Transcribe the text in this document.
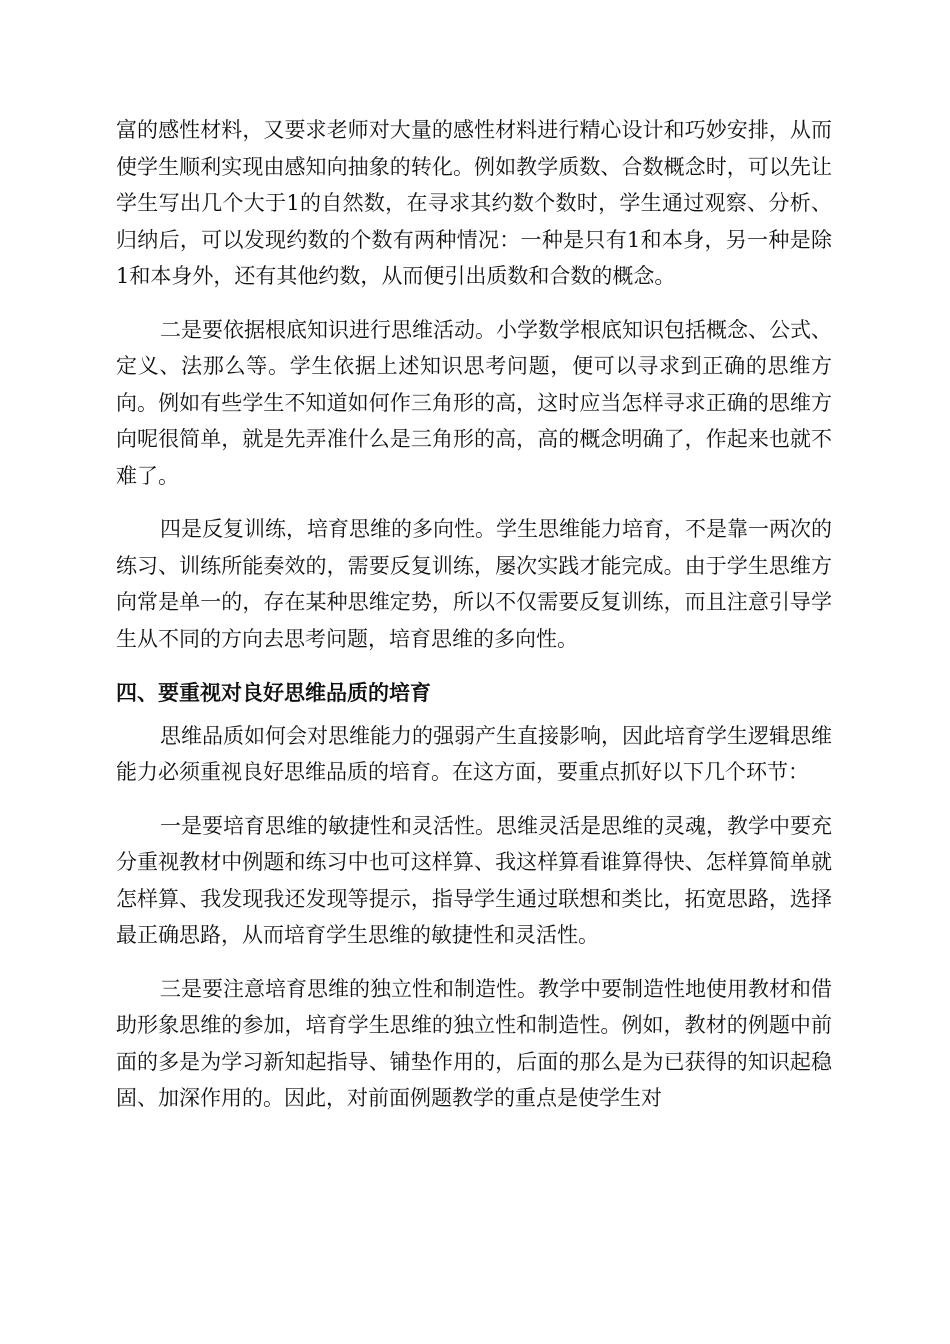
富的感性材料，又要求老师对大量的感性材料进行精心设计和巧妙安排，从而使学生顺利实现由感知向抽象的转化。例如教学质数、合数概念时，可以先让学生写出几个大于1的自然数，在寻求其约数个数时，学生通过观察、分析、归纳后，可以发现约数的个数有两种情况：一种是只有1和本身，另一种是除1和本身外，还有其他约数，从而便引出质数和合数的概念。

二是要依据根底知识进行思维活动。小学数学根底知识包括概念、公式、定义、法那么等。学生依据上述知识思考问题，便可以寻求到正确的思维方向。例如有些学生不知道如何作三角形的高，这时应当怎样寻求正确的思维方向呢很简单，就是先弄准什么是三角形的高，高的概念明确了，作起来也就不难了。

四是反复训练，培育思维的多向性。学生思维能力培育，不是靠一两次的练习、训练所能奏效的，需要反复训练，屡次实践才能完成。由于学生思维方向常是单一的，存在某种思维定势，所以不仅需要反复训练，而且注意引导学生从不同的方向去思考问题，培育思维的多向性。

四、要重视对良好思维品质的培育

思维品质如何会对思维能力的强弱产生直接影响，因此培育学生逻辑思维能力必须重视良好思维品质的培育。在这方面，要重点抓好以下几个环节：

一是要培育思维的敏捷性和灵活性。思维灵活是思维的灵魂，教学中要充分重视教材中例题和练习中也可这样算、我这样算看谁算得快、怎样算简单就怎样算、我发现我还发现等提示，指导学生通过联想和类比，拓宽思路，选择最正确思路，从而培育学生思维的敏捷性和灵活性。

三是要注意培育思维的独立性和制造性。教学中要制造性地使用教材和借助形象思维的参加，培育学生思维的独立性和制造性。例如，教材的例题中前面的多是为学习新知起指导、铺垫作用的，后面的那么是为已获得的知识起稳固、加深作用的。因此，对前面例题教学的重点是使学生对
